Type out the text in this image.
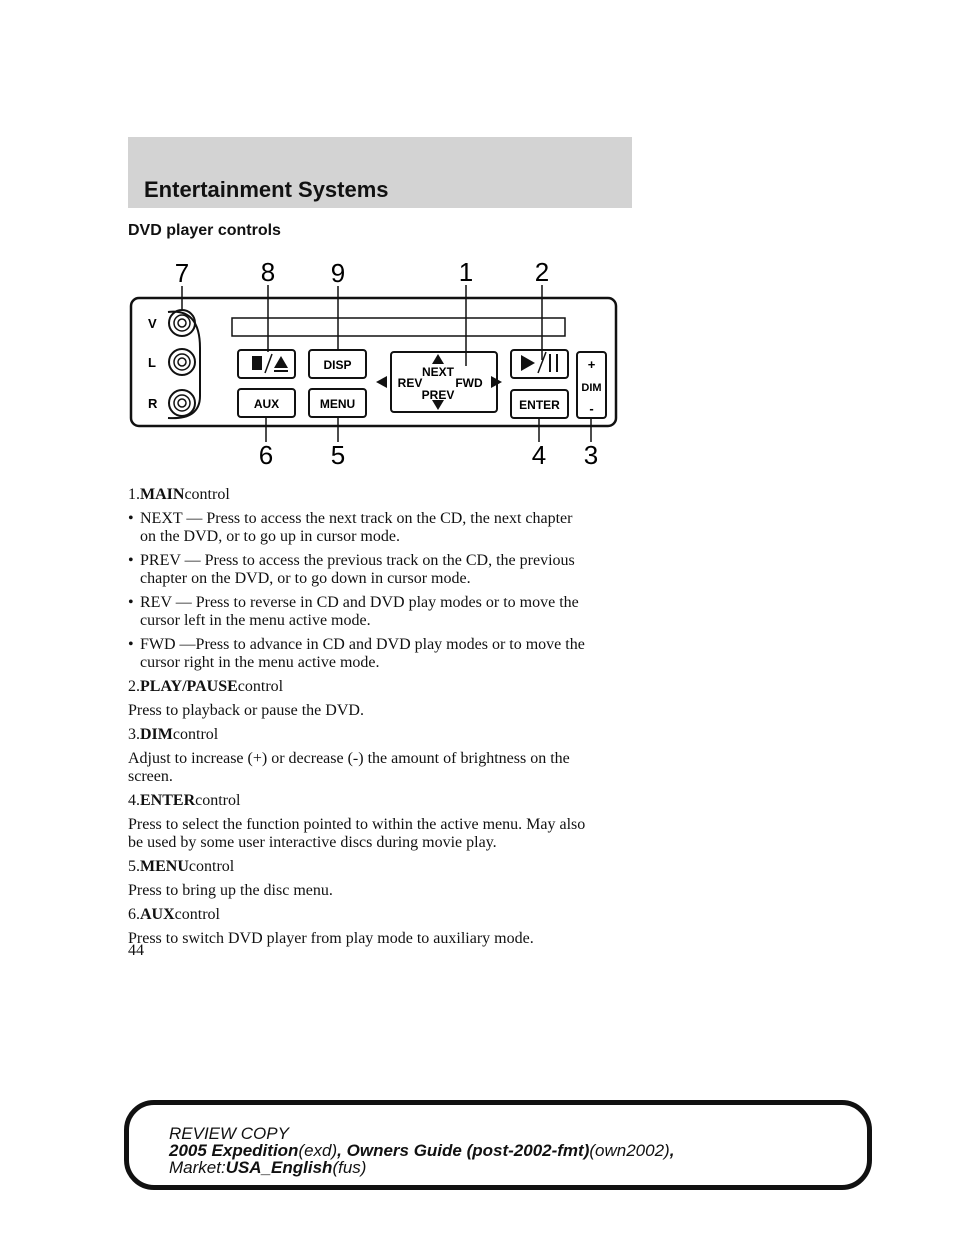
Entertainment Systems
DVD player controls
V
L
R
DISP
AUX	MENU
NEXT
REV	FWD
PREV
ENTER
+
DIM
-
7	8 9	1 2
6 5	4 3

1.MAINcontrol

• NEXT — Press to access the next track on the CD, the next chapter
on the DVD, or to go up in cursor mode.
• PREV — Press to access the previous track on the CD, the previous
chapter on the DVD, or to go down in cursor mode.
• REV — Press to reverse in CD and DVD play modes or to move the
cursor left in the menu active mode.
• FWD —Press to advance in CD and DVD play modes or to move the
cursor right in the menu active mode.

2.PLAY/PAUSEcontrol

Press to playback or pause the DVD.

3.DIMcontrol

Adjust to increase (+) or decrease (-) the amount of brightness on the
screen.

4.ENTERcontrol

Press to select the function pointed to within the active menu. May also
be used by some user interactive discs during movie play.

5.MENUcontrol

Press to bring up the disc menu.

6.AUXcontrol

Press to switch DVD player from play mode to auxiliary mode.

44
REVIEW COPY
2005 Expedition(exd), Owners Guide (post-2002-fmt)(own2002),
Market:USA_English(fus)
